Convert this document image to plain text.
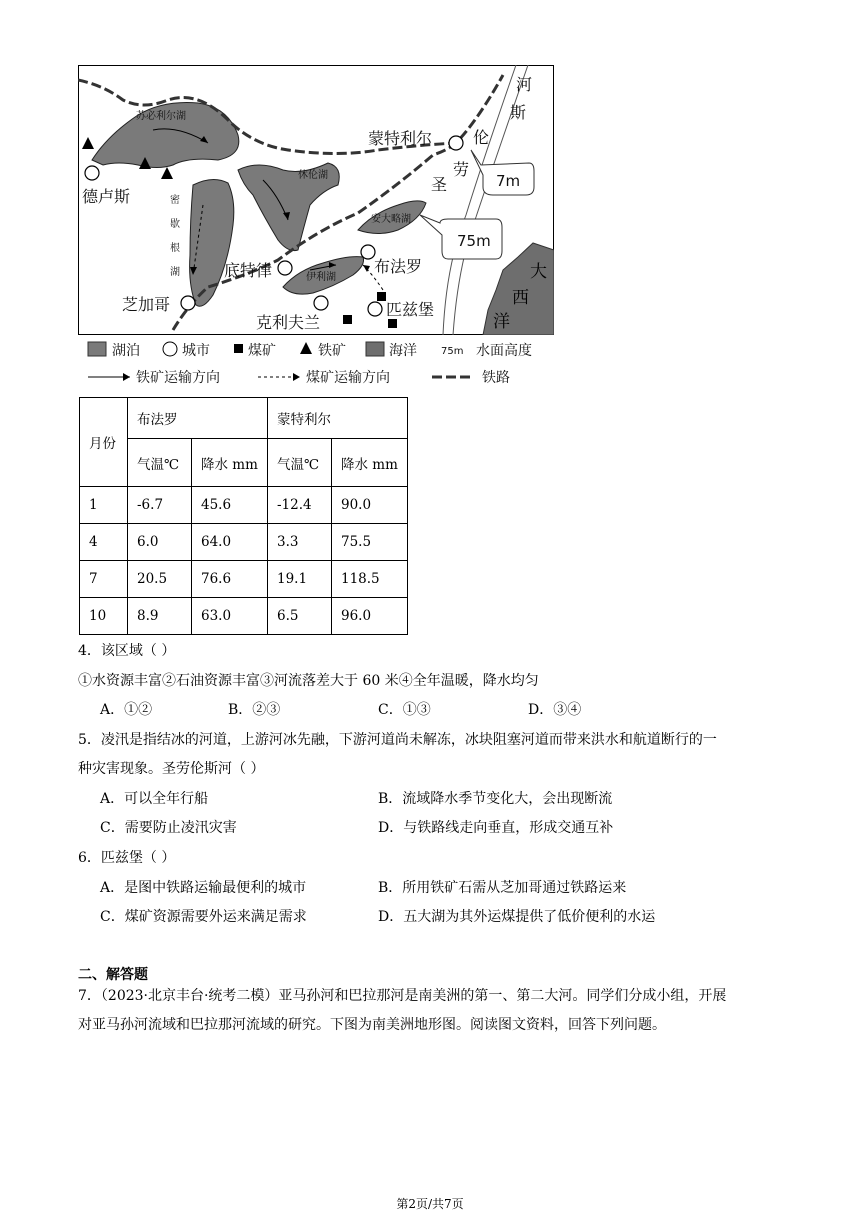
苏必利尔湖
休伦湖
密
歇
根
湖	伊利湖
安大略湖
河
斯
伦
劳
圣
蒙特利尔
德卢斯
底特律
芝加哥
布法罗
克利夫兰
匹兹堡
大
西
洋
7m
75m
湖泊	城市	煤矿	铁矿	海洋 75m 水面高度
铁矿运输方向	煤矿运输方向	铁路
月份	布法罗		蒙特利尔	
	气温℃	降水 mm	气温℃	降水 mm
1	-6.7	45.6	-12.4	90.0
4	6.0	64.0	3.3	75.5
7	20.5	76.6	19.1	118.5
10	8.9	63.0	6.5	96.0
4．该区域（ ）
①水资源丰富②石油资源丰富③河流落差大于 60 米④全年温暖，降水均匀
A．①②	B．②③	C．①③	D．③④
5．凌汛是指结冰的河道，上游河冰先融，下游河道尚未解冻，冰块阻塞河道而带来洪水和航道断行的一
种灾害现象。圣劳伦斯河（ ）
A．可以全年行船	B．流域降水季节变化大，会出现断流
C．需要防止凌汛灾害	D．与铁路线走向垂直，形成交通互补
6．匹兹堡（ ）
A．是图中铁路运输最便利的城市	B．所用铁矿石需从芝加哥通过铁路运来
C．煤矿资源需要外运来满足需求	D．五大湖为其外运煤提供了低价便利的水运
二、解答题
7．（2023·北京丰台·统考二模）亚马孙河和巴拉那河是南美洲的第一、第二大河。同学们分成小组，开展
对亚马孙河流域和巴拉那河流域的研究。下图为南美洲地形图。阅读图文资料，回答下列问题。
第2页/共7页
